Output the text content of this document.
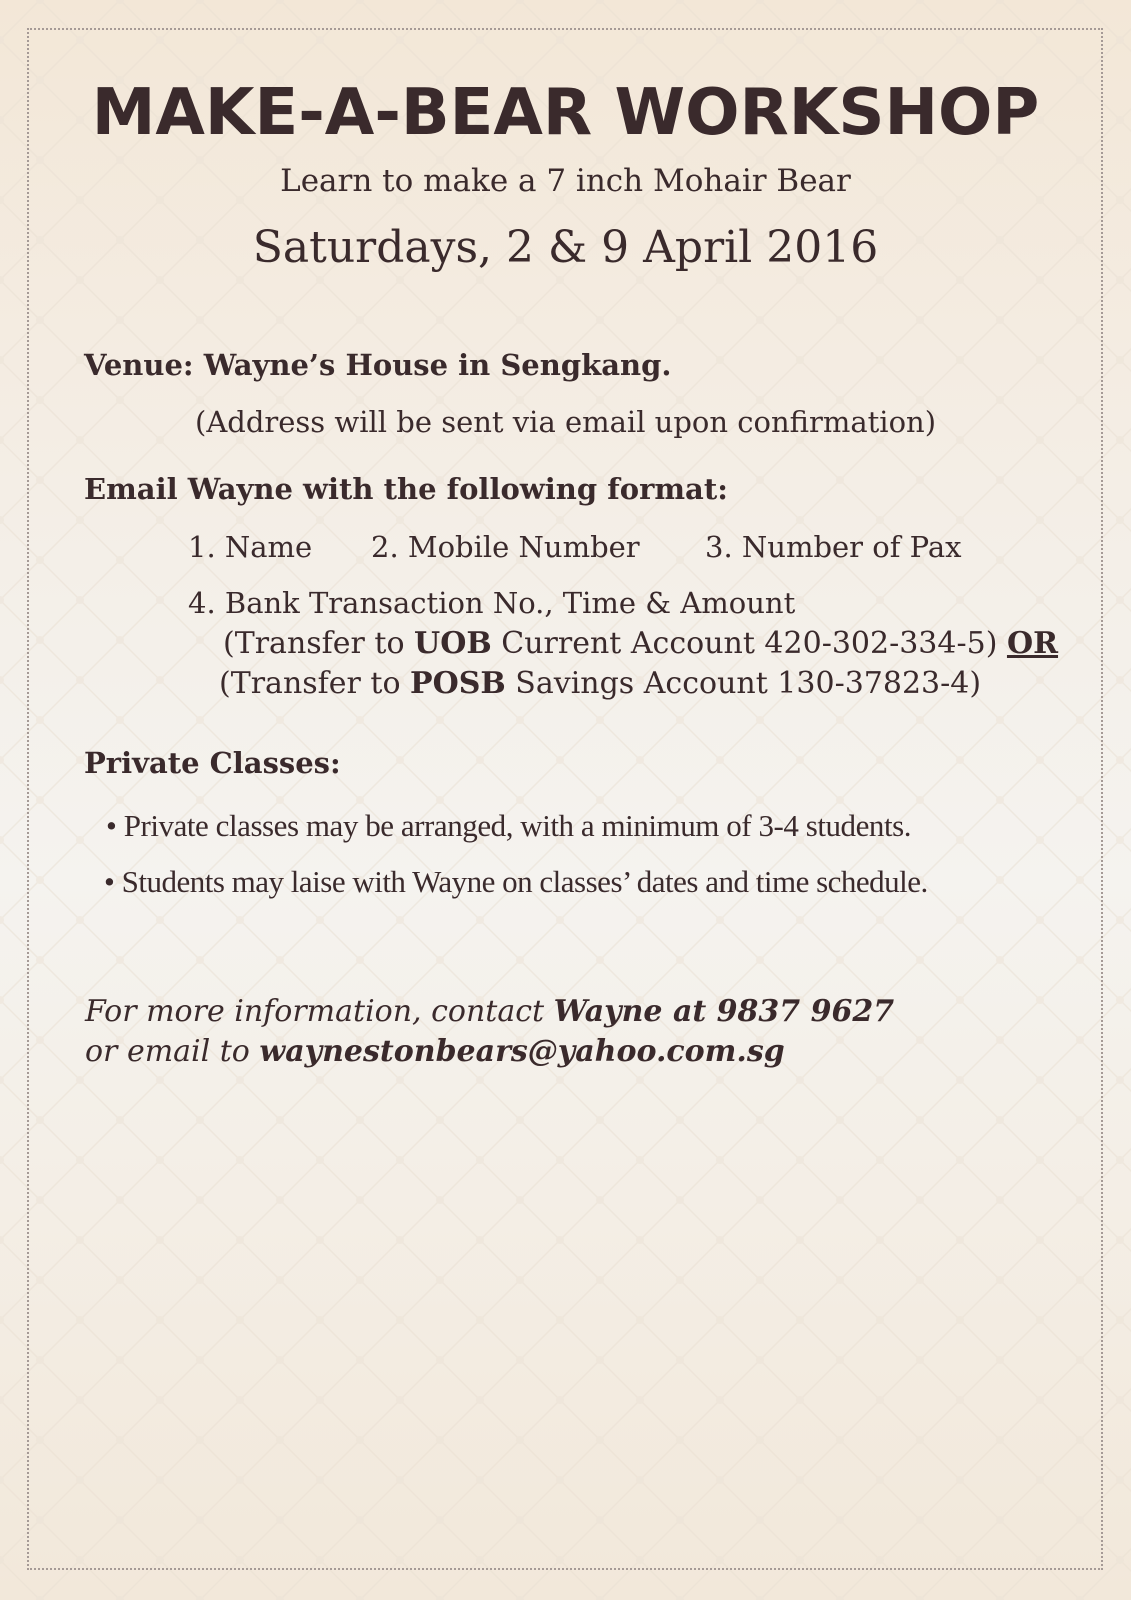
MAKE-A-BEAR WORKSHOP
Learn to make a 7 inch Mohair Bear
Saturdays, 2 & 9 April 2016
Venue: Wayne’s House in Sengkang.
(Address will be sent via email upon confirmation)
Email Wayne with the following format:
1. Name 2. Mobile Number 3. Number of Pax
4. Bank Transaction No., Time & Amount
(Transfer to UOB Current Account 420-302-334-5) OR
(Transfer to POSB Savings Account 130-37823-4)
Private Classes:
• Private classes may be arranged, with a minimum of 3-4 students.
• Students may laise with Wayne on classes’ dates and time schedule.
For more information, contact Wayne at 9837 9627
or email to waynestonbears@yahoo.com.sg
